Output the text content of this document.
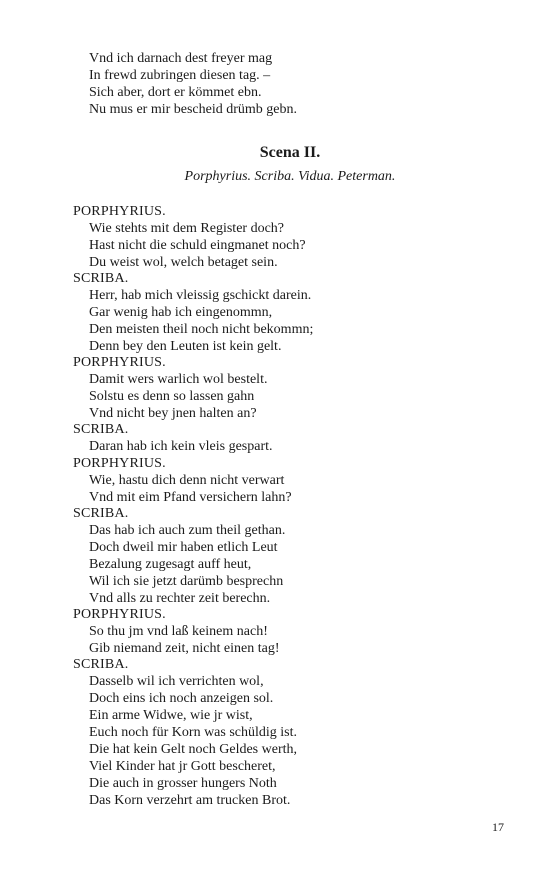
Vnd ich darnach dest freyer mag
In frewd zubringen diesen tag. –
Sich aber, dort er kömmet ebn.
Nu mus er mir bescheid drümb gebn.
Scena II.
Porphyrius. Scriba. Vidua. Peterman.
PORPHYRIUS.
Wie stehts mit dem Register doch?
Hast nicht die schuld eingmanet noch?
Du weist wol, welch betaget sein.
SCRIBA.
Herr, hab mich vleissig gschickt darein.
Gar wenig hab ich eingenommn,
Den meisten theil noch nicht bekommn;
Denn bey den Leuten ist kein gelt.
PORPHYRIUS.
Damit wers warlich wol bestelt.
Solstu es denn so lassen gahn
Vnd nicht bey jnen halten an?
SCRIBA.
Daran hab ich kein vleis gespart.
PORPHYRIUS.
Wie, hastu dich denn nicht verwart
Vnd mit eim Pfand versichern lahn?
SCRIBA.
Das hab ich auch zum theil gethan.
Doch dweil mir haben etlich Leut
Bezalung zugesagt auff heut,
Wil ich sie jetzt darümb besprechn
Vnd alls zu rechter zeit berechn.
PORPHYRIUS.
So thu jm vnd laß keinem nach!
Gib niemand zeit, nicht einen tag!
SCRIBA.
Dasselb wil ich verrichten wol,
Doch eins ich noch anzeigen sol.
Ein arme Widwe, wie jr wist,
Euch noch für Korn was schüldig ist.
Die hat kein Gelt noch Geldes werth,
Viel Kinder hat jr Gott bescheret,
Die auch in grosser hungers Noth
Das Korn verzehrt am trucken Brot.
17
